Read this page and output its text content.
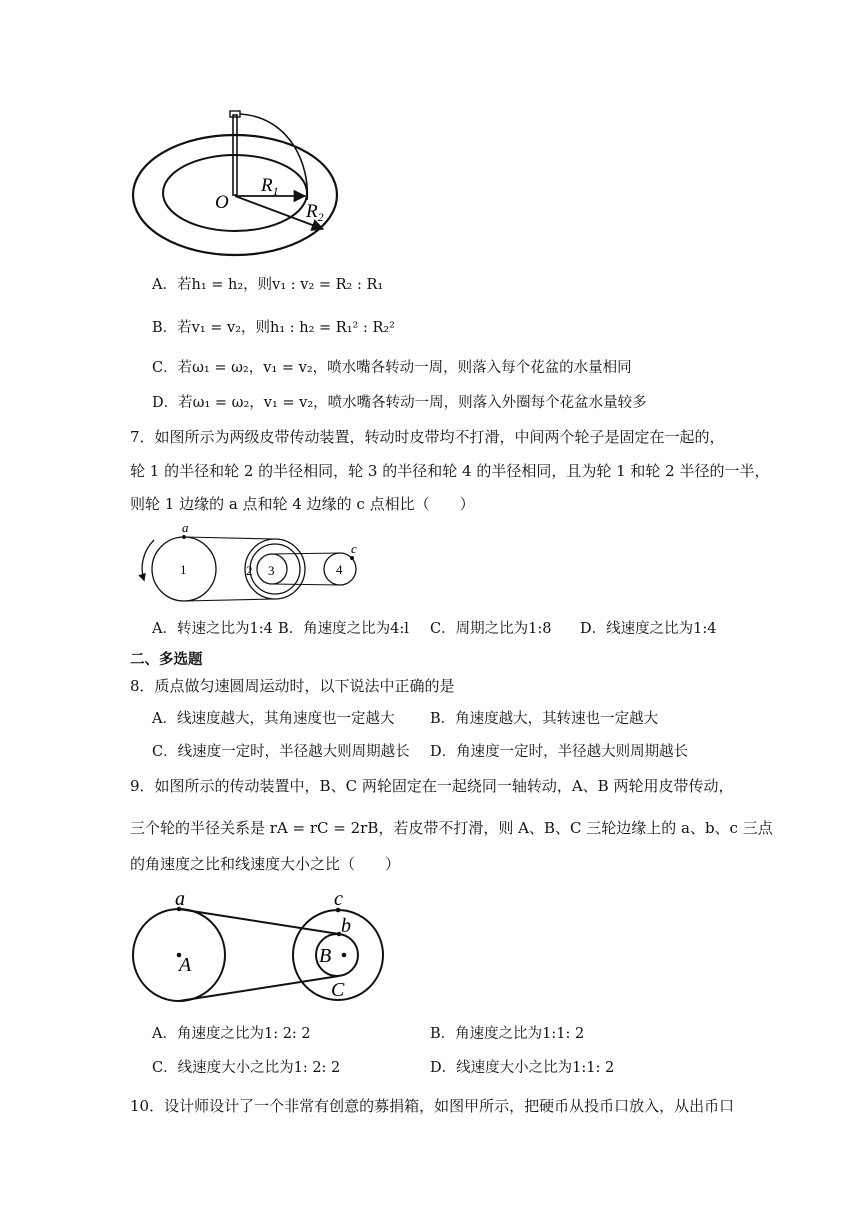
O
$R_1$
$R_2$
A．若h₁ = h₂，则v₁ : v₂ = R₂ : R₁
B．若v₁ = v₂，则h₁ : h₂ = R₁² : R₂²
C．若ω₁ = ω₂，v₁ = v₂，喷水嘴各转动一周，则落入每个花盆的水量相同
D．若ω₁ = ω₂，v₁ = v₂，喷水嘴各转动一周，则落入外圈每个花盆水量较多
7．如图所示为两级皮带传动装置，转动时皮带均不打滑，中间两个轮子是固定在一起的，
轮 1 的半径和轮 2 的半径相同，轮 3 的半径和轮 4 的半径相同，且为轮 1 和轮 2 半径的一半，
则轮 1 边缘的 a 点和轮 4 边缘的 c 点相比（　　）
a
c
1	2 3	4
A．转速之比为1:4 B．角速度之比为4:l C．周期之比为1:8 D．线速度之比为1:4
二、多选题
8．质点做匀速圆周运动时，以下说法中正确的是
A．线速度越大，其角速度也一定越大 B．角速度越大，其转速也一定越大
C．线速度一定时，半径越大则周期越长 D．角速度一定时，半径越大则周期越长
9．如图所示的传动装置中，B、C 两轮固定在一起绕同一轴转动，A、B 两轮用皮带传动，
三个轮的半径关系是 rA = rC = 2rB，若皮带不打滑，则 A、B、C 三轮边缘上的 a、b、c 三点
的角速度之比和线速度大小之比（　　）
a
b
c
A	B
C
A．角速度之比为1: 2: 2	B．角速度之比为1:1: 2
C．线速度大小之比为1: 2: 2	D．线速度大小之比为1:1: 2
10．设计师设计了一个非常有创意的募捐箱，如图甲所示，把硬币从投币口放入，从出币口
